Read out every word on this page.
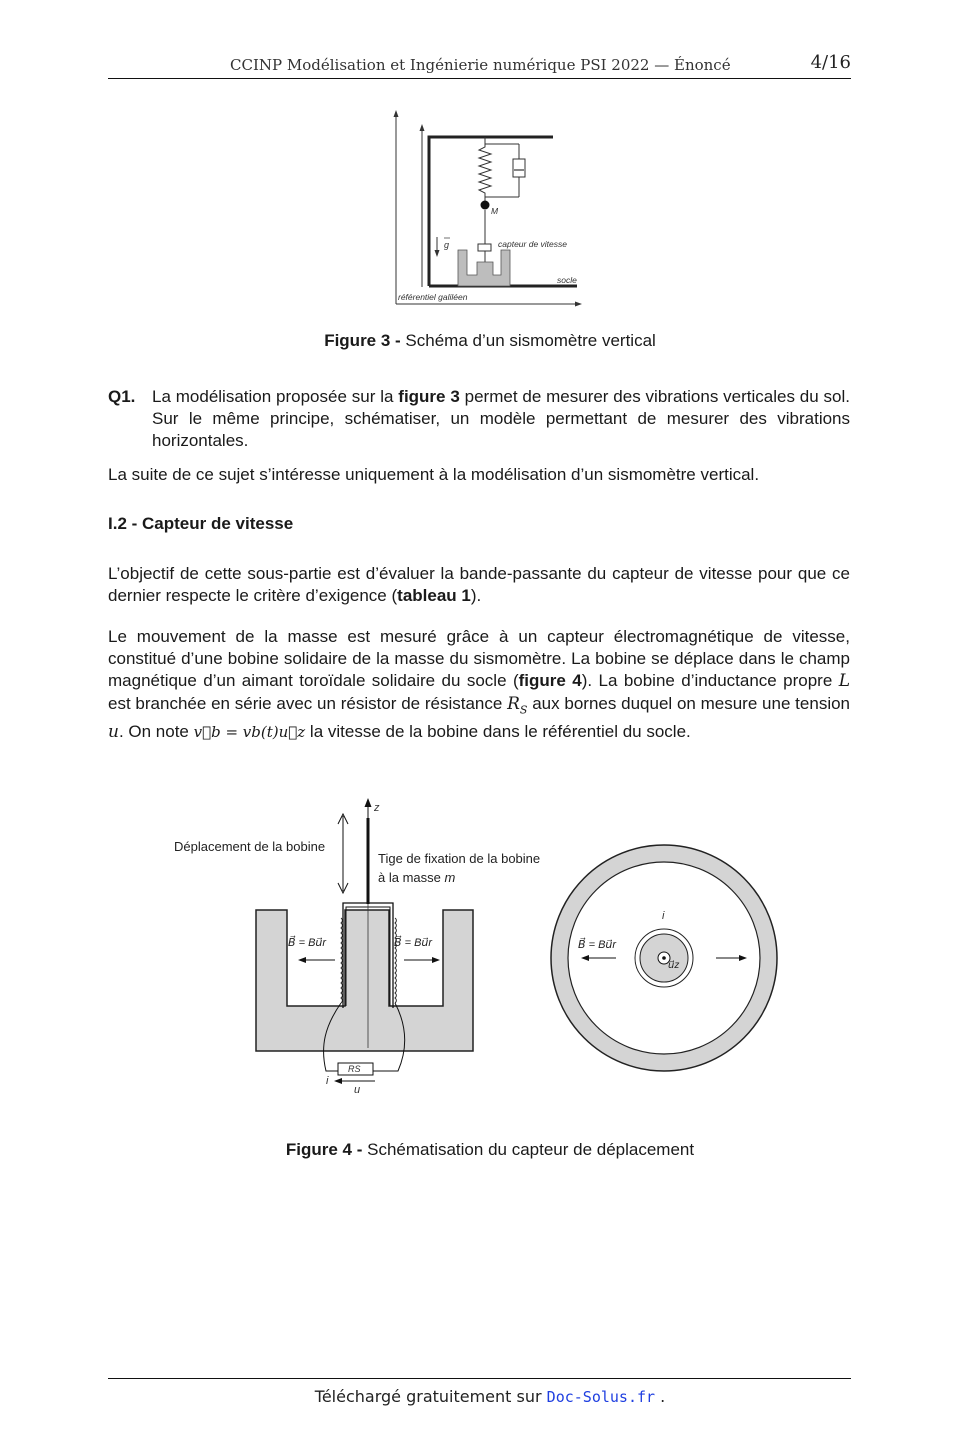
CCINP Modélisation et Ingénierie numérique PSI 2022 — Énoncé	4/16
M
g	capteur de vitesse
socle
référentiel galiléen
Figure 3 - Schéma d’un sismomètre vertical
Q1. La modélisation proposée sur la figure 3 permet de mesurer des vibrations verticales du sol. Sur le même principe, schématiser, un modèle permettant de mesurer des vibrations horizontales.
La suite de ce sujet s’intéresse uniquement à la modélisation d’un sismomètre vertical.
I.2 - Capteur de vitesse
L’objectif de cette sous-partie est d’évaluer la bande-passante du capteur de vitesse pour que ce dernier respecte le critère d’exigence (tableau 1).
Le mouvement de la masse est mesuré grâce à un capteur électromagnétique de vitesse, constitué d’une bobine solidaire de la masse du sismomètre. La bobine se déplace dans le champ magnétique d’un aimant toroïdale solidaire du socle (figure 4). La bobine d’inductance propre L est branchée en série avec un résistor de résistance $R_S$ aux bornes duquel on mesure une tension u. On note v⃗b = vb(t)u⃗z la vitesse de la bobine dans le référentiel du socle.
z
Déplacement de la bobine
Tige de fixation de la bobine
à la masse m
B⃗ = Bu⃗r	B⃗ = Bu⃗r
RS
i
u
u⃗z
i
B⃗ = Bu⃗r
Figure 4 - Schématisation du capteur de déplacement
Téléchargé gratuitement sur Doc-Solus.fr .
